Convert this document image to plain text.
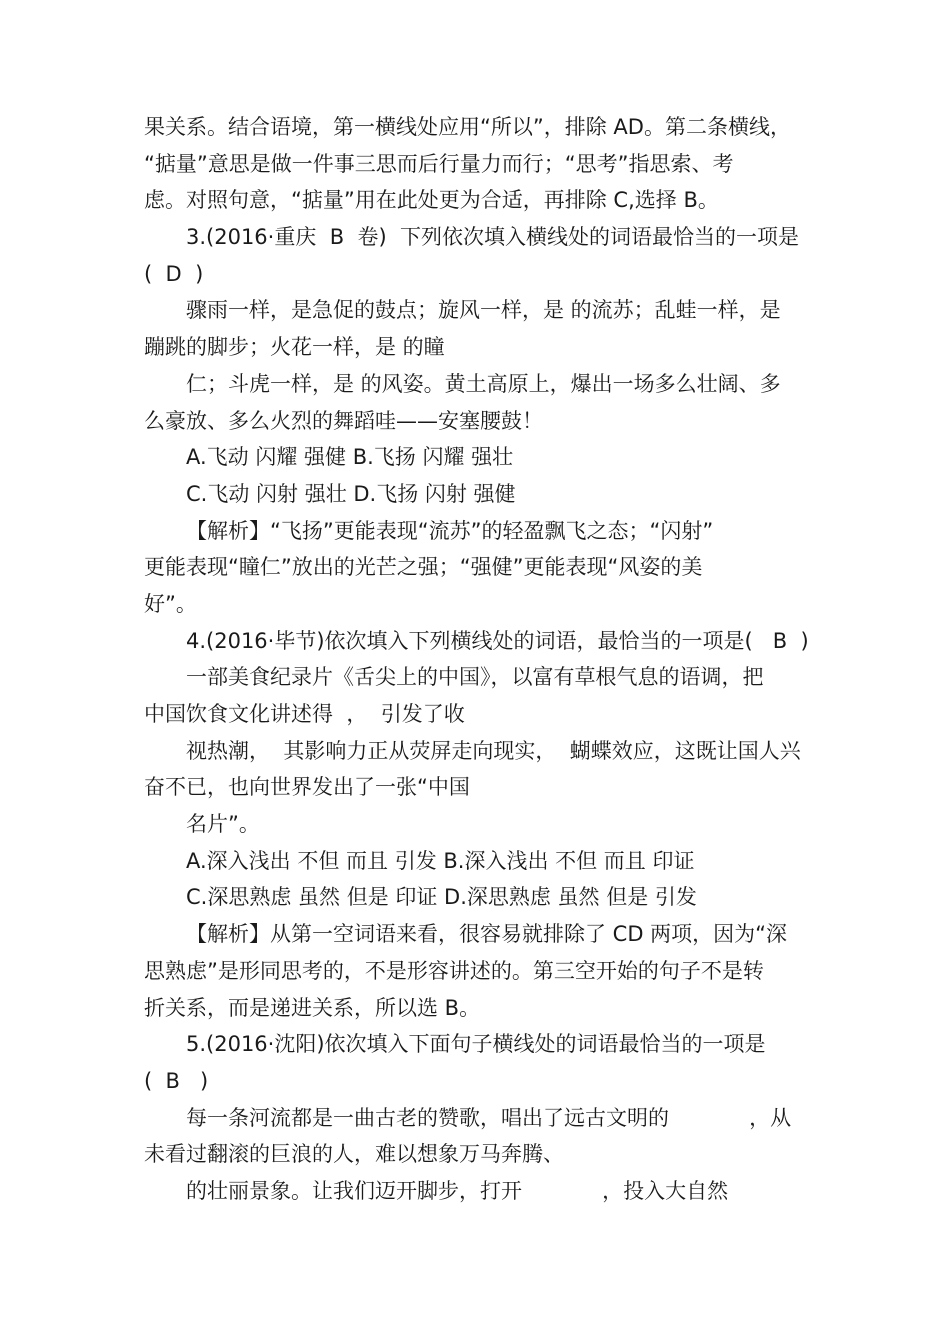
果关系。结合语境，第一横线处应用“所以”，排除 AD。第二条横线，
“掂量”意思是做一件事三思而后行量力而行；“思考”指思索、考
虑。对照句意，“掂量”用在此处更为合适，再排除 C,选择 B。
3.(2016·重庆  B  卷)  下列依次填入横线处的词语最恰当的一项是
(  D  )
骤雨一样，是急促的鼓点；旋风一样，是 的流苏；乱蛙一样，是
蹦跳的脚步；火花一样，是 的瞳
仁；斗虎一样，是 的风姿。黄土高原上，爆出一场多么壮阔、多
么豪放、多么火烈的舞蹈哇——安塞腰鼓！
A.飞动 闪耀 强健 B.飞扬 闪耀 强壮
C.飞动 闪射 强壮 D.飞扬 闪射 强健
【解析】“飞扬”更能表现“流苏”的轻盈飘飞之态；“闪射”
更能表现“瞳仁”放出的光芒之强；“强健”更能表现“风姿的美
好”。
4.(2016·毕节)依次填入下列横线处的词语，最恰当的一项是(   B  )
一部美食纪录片《舌尖上的中国》，以富有草根气息的语调，把
中国饮食文化讲述得  ，  引发了收
视热潮，  其影响力正从荧屏走向现实，  蝴蝶效应，这既让国人兴
奋不已，也向世界发出了一张“中国
名片”。
A.深入浅出 不但 而且 引发 B.深入浅出 不但 而且 印证
C.深思熟虑 虽然 但是 印证 D.深思熟虑 虽然 但是 引发
【解析】从第一空词语来看，很容易就排除了 CD 两项，因为“深
思熟虑”是形同思考的，不是形容讲述的。第三空开始的句子不是转
折关系，而是递进关系，所以选 B。
5.(2016·沈阳)依次填入下面句子横线处的词语最恰当的一项是
(  B   )
每一条河流都是一曲古老的赞歌，唱出了远古文明的            ，从
未看过翻滚的巨浪的人，难以想象万马奔腾、
的壮丽景象。让我们迈开脚步，打开            ，投入大自然
